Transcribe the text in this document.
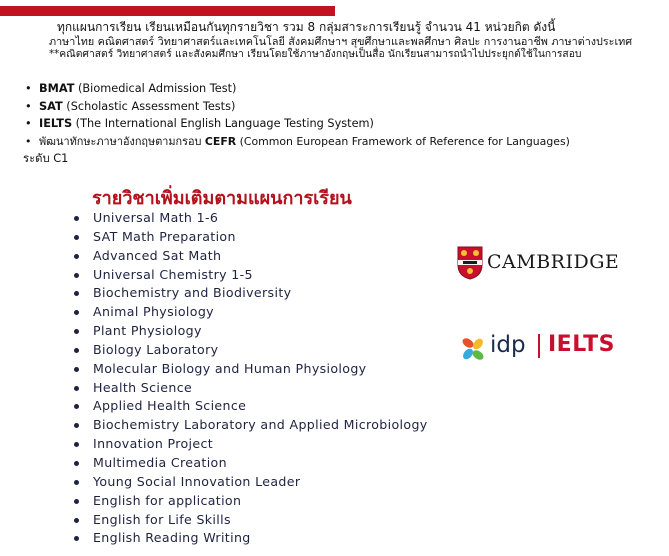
ทุกแผนการเรียน เรียนเหมือนกันทุกรายวิชา รวม 8 กลุ่มสาระการเรียนรู้ จำนวน 41 หน่วยกิต ดังนี้
ภาษาไทย คณิตศาสตร์ วิทยาศาสตร์และเทคโนโลยี สังคมศึกษาฯ สุขศึกษาและพลศึกษา ศิลปะ การงานอาชีพ ภาษาต่างประเทศ
**คณิตศาสตร์ วิทยาศาสตร์ และสังคมศึกษา เรียนโดยใช้ภาษาอังกฤษเป็นสื่อ นักเรียนสามารถนำไปประยุกต์ใช้ในการสอบ
• BMAT (Biomedical Admission Test)
• SAT (Scholastic Assessment Tests)
• IELTS (The International English Language Testing System)
• พัฒนาทักษะภาษาอังกฤษตามกรอบ CEFR (Common European Framework of Reference for Languages)
ระดับ C1
รายวิชาเพิ่มเติมตามแผนการเรียน
Universal Math 1-6
SAT Math Preparation
Advanced Sat Math
Universal Chemistry 1-5
Biochemistry and Biodiversity
Animal Physiology
Plant Physiology
Biology Laboratory
Molecular Biology and Human Physiology
Health Science
Applied Health Science
Biochemistry Laboratory and Applied Microbiology
Innovation Project
Multimedia Creation
Young Social Innovation Leader
English for application
English for Life Skills
English Reading Writing
CAMBRIDGE
idp IELTS
